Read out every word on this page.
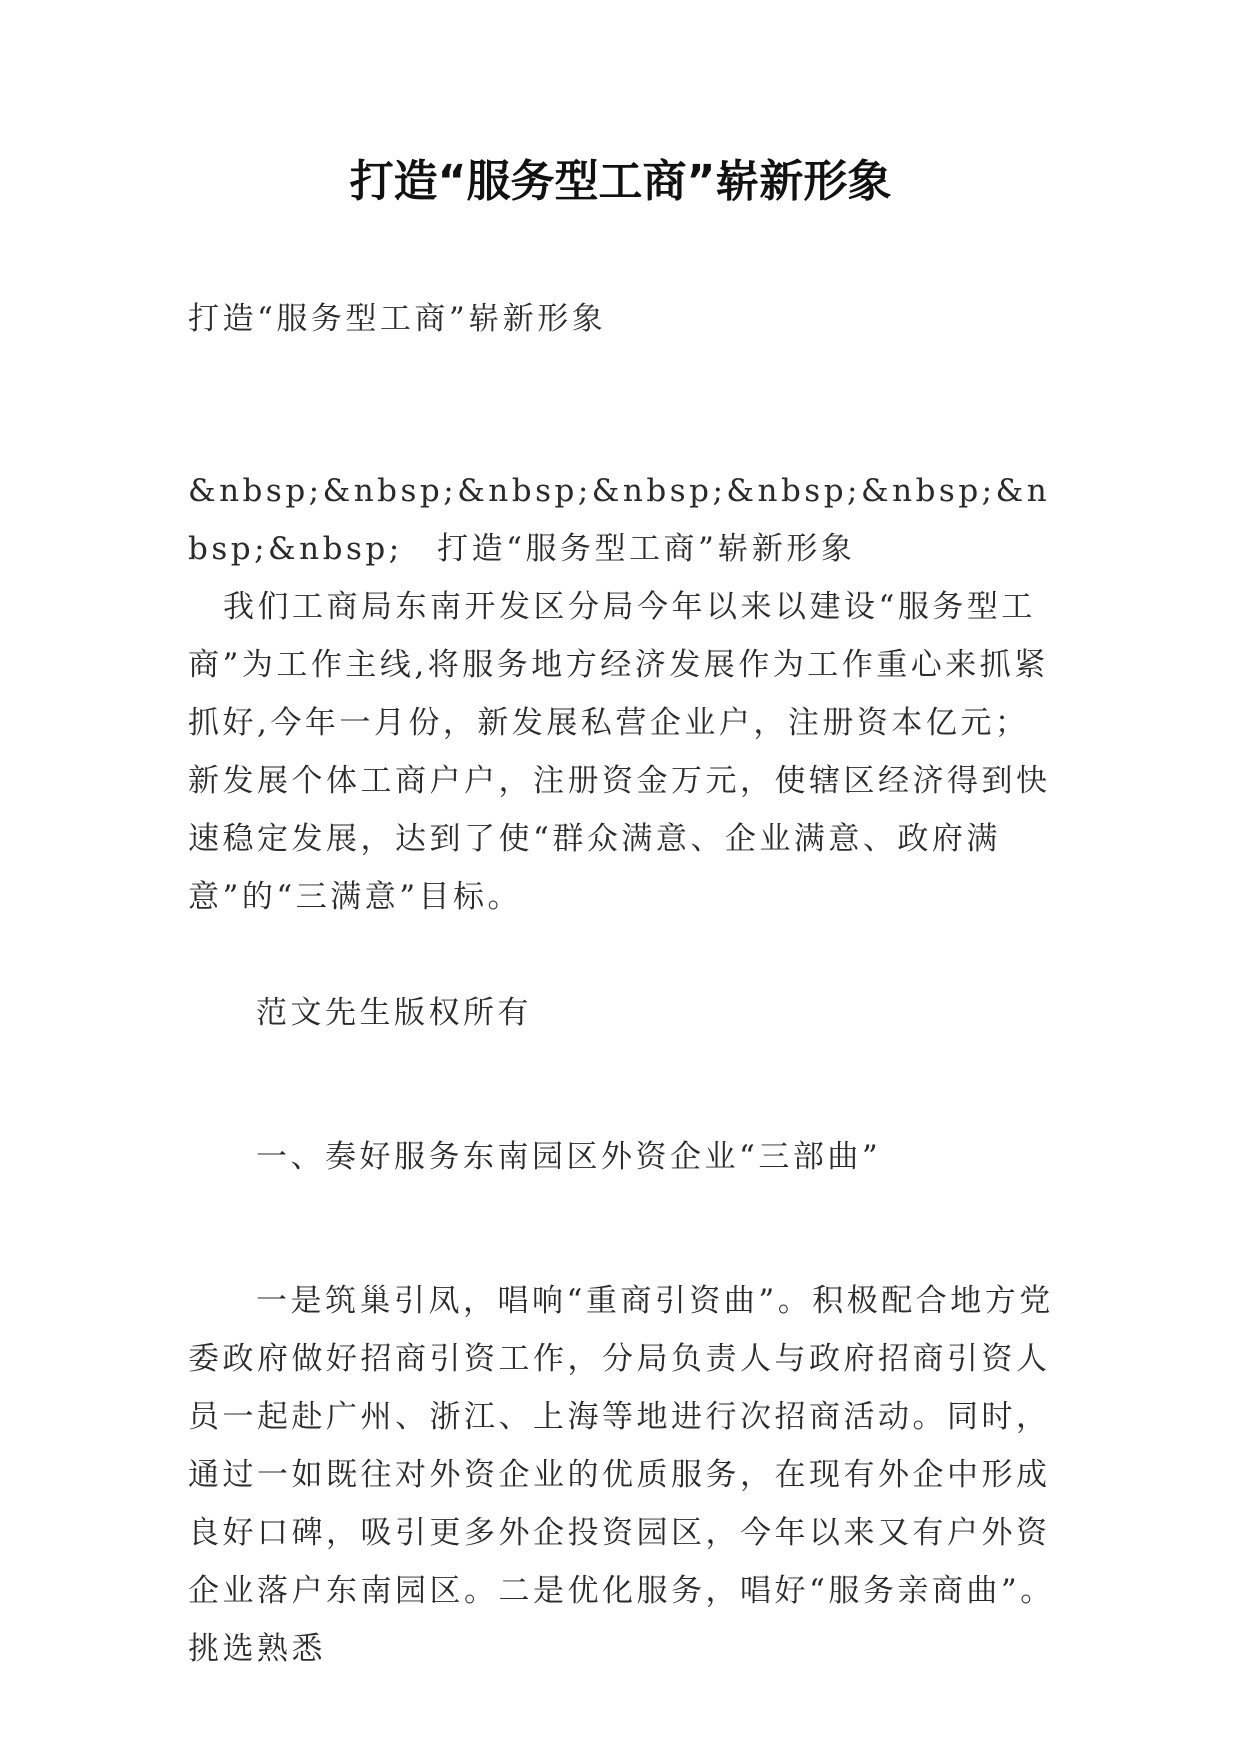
打造“服务型工商”崭新形象

打造“服务型工商”崭新形象

&nbsp;&nbsp;&nbsp;&nbsp;&nbsp;&nbsp;&nbsp;&nbsp;　打造“服务型工商”崭新形象

我们工商局东南开发区分局今年以来以建设“服务型工商”为工作主线,将服务地方经济发展作为工作重心来抓紧抓好,今年一月份，新发展私营企业户，注册资本亿元；新发展个体工商户户，注册资金万元，使辖区经济得到快速稳定发展，达到了使“群众满意、企业满意、政府满意”的“三满意”目标。

范文先生版权所有

一、奏好服务东南园区外资企业“三部曲”

一是筑巢引凤，唱响“重商引资曲”。积极配合地方党委政府做好招商引资工作，分局负责人与政府招商引资人员一起赴广州、浙江、上海等地进行次招商活动。同时，通过一如既往对外资企业的优质服务，在现有外企中形成良好口碑，吸引更多外企投资园区，今年以来又有户外资企业落户东南园区。二是优化服务，唱好“服务亲商曲”。挑选熟悉
